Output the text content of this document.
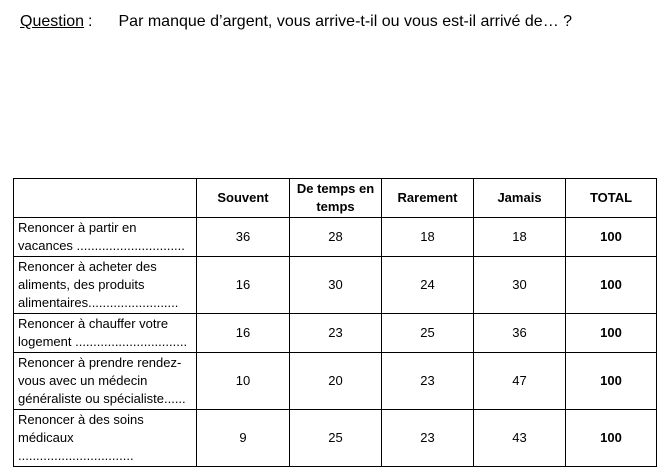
Question : Par manque d’argent, vous arrive-t-il ou vous est-il arrivé de… ?
	Souvent	De temps en temps	Rarement	Jamais	TOTAL
Renoncer à partir en vacances ..............................	36	28	18	18	100
Renoncer à acheter des aliments, des produits alimentaires.........................	16	30	24	30	100
Renoncer à chauffer votre logement ...............................	16	23	25	36	100
Renoncer à prendre rendez-vous avec un médecin généraliste ou spécialiste......	10	20	23	47	100
Renoncer à des soins médicaux ................................	9	25	23	43	100
